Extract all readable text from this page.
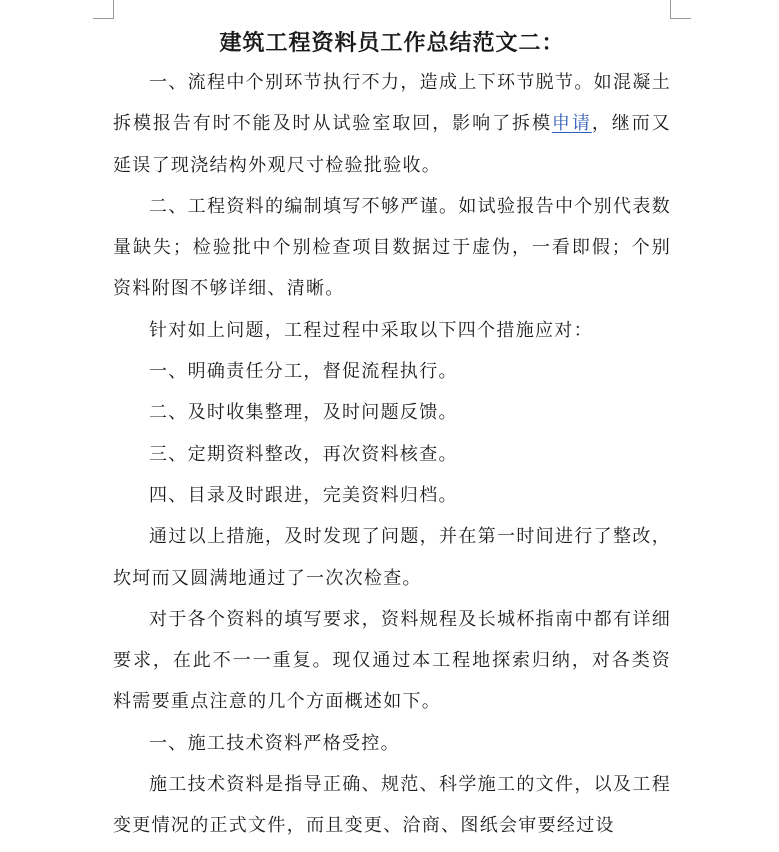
建筑工程资料员工作总结范文二：

一、流程中个别环节执行不力，造成上下环节脱节。如混凝土拆模报告有时不能及时从试验室取回，影响了拆模申请，继而又延误了现浇结构外观尺寸检验批验收。

二、工程资料的编制填写不够严谨。如试验报告中个别代表数量缺失；检验批中个别检查项目数据过于虚伪，一看即假；个别资料附图不够详细、清晰。

针对如上问题，工程过程中采取以下四个措施应对：

一、明确责任分工，督促流程执行。

二、及时收集整理，及时问题反馈。

三、定期资料整改，再次资料核查。

四、目录及时跟进，完美资料归档。

通过以上措施，及时发现了问题，并在第一时间进行了整改，坎坷而又圆满地通过了一次次检查。

对于各个资料的填写要求，资料规程及长城杯指南中都有详细要求，在此不一一重复。现仅通过本工程地探索归纳，对各类资料需要重点注意的几个方面概述如下。

一、施工技术资料严格受控。

施工技术资料是指导正确、规范、科学施工的文件，以及工程变更情况的正式文件，而且变更、洽商、图纸会审要经过设
